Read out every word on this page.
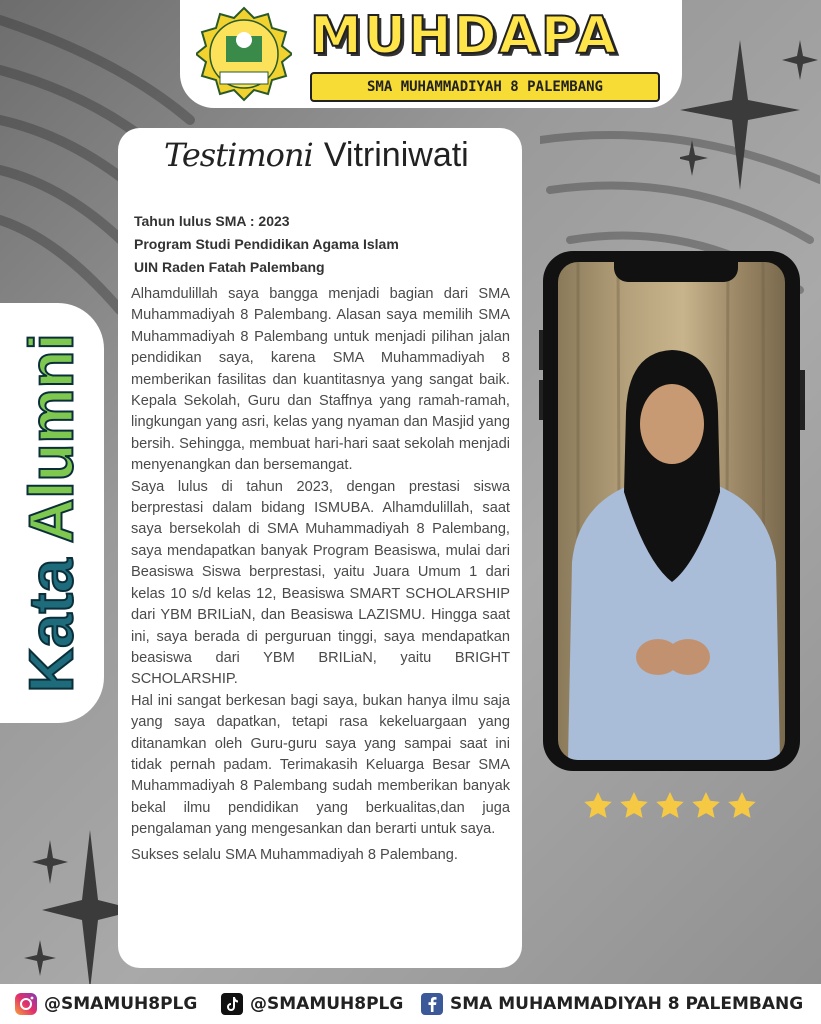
MUHDAPA
SMA MUHAMMADIYAH 8 PALEMBANG
Kata Alumni
Testimoni Vitriniwati
Tahun lulus SMA : 2023
Program Studi Pendidikan Agama Islam
UIN Raden Fatah Palembang

Alhamdulillah saya bangga menjadi bagian dari SMA Muhammadiyah 8 Palembang. Alasan saya memilih SMA Muhammadiyah 8 Palembang untuk menjadi pilihan jalan pendidikan saya, karena SMA Muhammadiyah 8 memberikan fasilitas dan kuantitasnya yang sangat baik. Kepala Sekolah, Guru dan Staffnya yang ramah-ramah, lingkungan yang asri, kelas yang nyaman dan Masjid yang bersih. Sehingga, membuat hari-hari saat sekolah menjadi menyenangkan dan bersemangat.

Saya lulus di tahun 2023, dengan prestasi siswa berprestasi dalam bidang ISMUBA. Alhamdulillah, saat saya bersekolah di SMA Muhammadiyah 8 Palembang, saya mendapatkan banyak Program Beasiswa, mulai dari Beasiswa Siswa berprestasi, yaitu Juara Umum 1 dari kelas 10 s/d kelas 12, Beasiswa SMART SCHOLARSHIP dari YBM BRILiaN, dan Beasiswa LAZISMU. Hingga saat ini, saya berada di perguruan tinggi, saya mendapatkan beasiswa dari YBM BRILiaN, yaitu BRIGHT SCHOLARSHIP.

Hal ini sangat berkesan bagi saya, bukan hanya ilmu saja yang saya dapatkan, tetapi rasa kekeluargaan yang ditanamkan oleh Guru-guru saya yang sampai saat ini tidak pernah padam. Terimakasih Keluarga Besar SMA Muhammadiyah 8 Palembang sudah memberikan banyak bekal ilmu pendidikan yang berkualitas,dan juga pengalaman yang mengesankan dan berarti untuk saya.

Sukses selalu SMA Muhammadiyah 8 Palembang.

@SMAMUH8PLG	@SMAMUH8PLG	SMA MUHAMMADIYAH 8 PALEMBANG
